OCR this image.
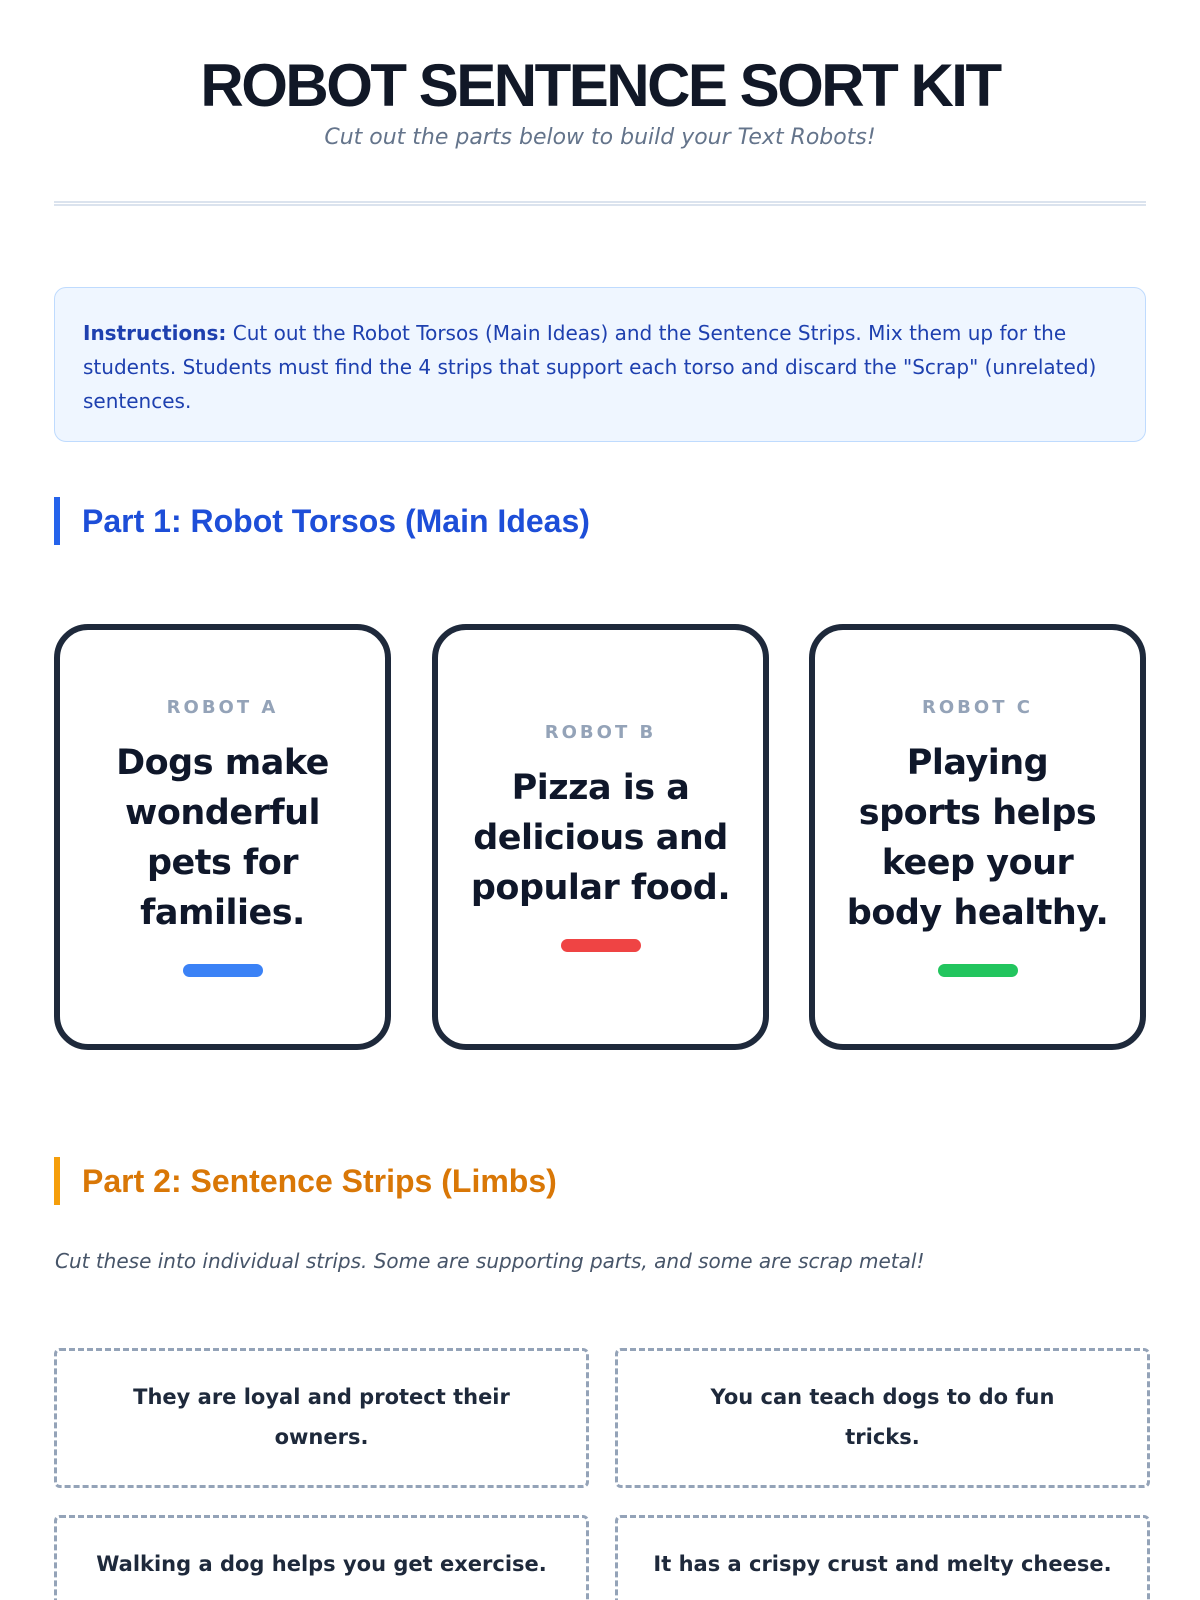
ROBOT SENTENCE SORT KIT
Cut out the parts below to build your Text Robots!
Instructions: Cut out the Robot Torsos (Main Ideas) and the Sentence Strips. Mix them up for the students. Students must find the 4 strips that support each torso and discard the "Scrap" (unrelated) sentences.
Part 1: Robot Torsos (Main Ideas)
ROBOT A
Dogs make wonderful pets for families.
ROBOT B
Pizza is a delicious and popular food.
ROBOT C
Playing sports helps keep your body healthy.
Part 2: Sentence Strips (Limbs)
Cut these into individual strips. Some are supporting parts, and some are scrap metal!
They are loyal and protect their owners.
You can teach dogs to do fun tricks.
Walking a dog helps you get exercise.	It has a crispy crust and melty cheese.
